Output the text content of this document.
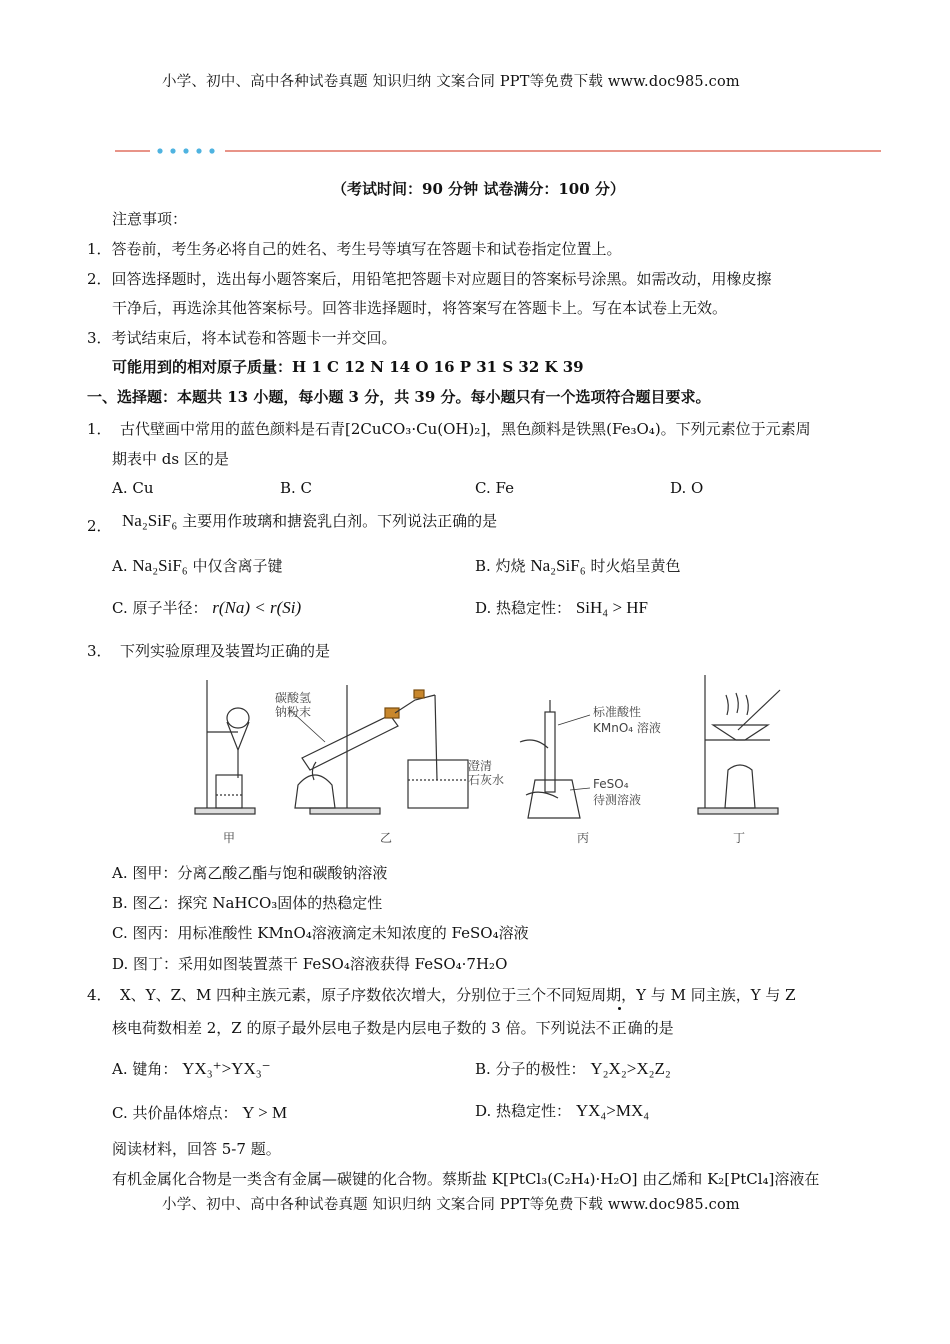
小学、初中、高中各种试卷真题 知识归纳 文案合同 PPT等免费下载 www.doc985.com
（考试时间：90 分钟 试卷满分：100 分）
注意事项：
1．答卷前，考生务必将自己的姓名、考生号等填写在答题卡和试卷指定位置上。
2．回答选择题时，选出每小题答案后，用铅笔把答题卡对应题目的答案标号涂黑。如需改动，用橡皮擦
干净后，再选涂其他答案标号。回答非选择题时，将答案写在答题卡上。写在本试卷上无效。
3．考试结束后，将本试卷和答题卡一并交回。
可能用到的相对原子质量：H 1 C 12 N 14 O 16 P 31 S 32 K 39
一、选择题：本题共 13 小题，每小题 3 分，共 39 分。每小题只有一个选项符合题目要求。
1． 古代壁画中常用的蓝色颜料是石青[2CuCO₃·Cu(OH)₂]，黑色颜料是铁黑(Fe₃O₄)。下列元素位于元素周
期表中 ds 区的是
A. Cu	B. C	C. Fe	D. O
2． Na₂SiF₆ 主要用作玻璃和搪瓷乳白剂。下列说法正确的是
A. Na₂SiF₆ 中仅含离子键	B. 灼烧 Na₂SiF₆ 时火焰呈黄色
C. 原子半径： r(Na) < r(Si)	D. 热稳定性： SiH₄ > HF
3． 下列实验原理及装置均正确的是
碳酸氢
钠粉末
澄清
石灰水
标准酸性
KMnO₄ 溶液
FeSO₄
待测溶液
甲	乙	丙	丁
A. 图甲：分离乙酸乙酯与饱和碳酸钠溶液
B. 图乙：探究 NaHCO₃固体的热稳定性
C. 图丙：用标准酸性 KMnO₄溶液滴定未知浓度的 FeSO₄溶液
D. 图丁：采用如图装置蒸干 FeSO₄溶液获得 FeSO₄·7H₂O
4． X、Y、Z、M 四种主族元素，原子序数依次增大，分别位于三个不同短周期，Y 与 M 同主族，Y 与 Z
核电荷数相差 2，Z 的原子最外层电子数是内层电子数的 3 倍。下列说法不正确的是
A. 键角： YX₃⁺>YX₃⁻	B. 分子的极性： Y₂X₂>X₂Z₂
C. 共价晶体熔点： Y > M	D. 热稳定性： YX₄>MX₄
阅读材料，回答 5-7 题。
有机金属化合物是一类含有金属—碳键的化合物。蔡斯盐 K[PtCl₃(C₂H₄)·H₂O] 由乙烯和 K₂[PtCl₄]溶液在
小学、初中、高中各种试卷真题 知识归纳 文案合同 PPT等免费下载 www.doc985.com
